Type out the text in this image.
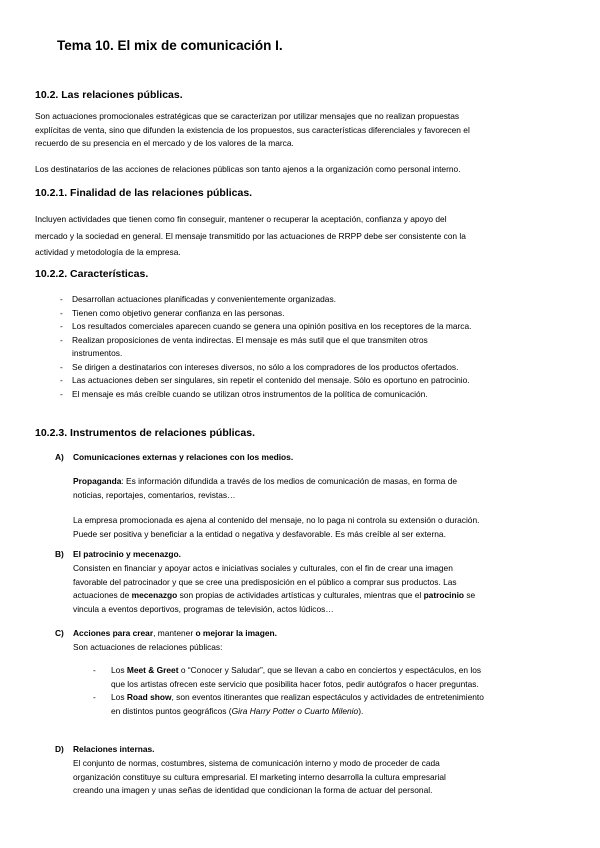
Tema 10. El mix de comunicación I.
10.2. Las relaciones públicas.
Son actuaciones promocionales estratégicas que se caracterizan por utilizar mensajes que no realizan propuestas
explícitas de venta, sino que difunden la existencia de los propuestos, sus características diferenciales y favorecen el
recuerdo de su presencia en el mercado y de los valores de la marca.
Los destinatarios de las acciones de relaciones públicas son tanto ajenos a la organización como personal interno.
10.2.1. Finalidad de las relaciones públicas.
Incluyen actividades que tienen como fin conseguir, mantener o recuperar la aceptación, confianza y apoyo del
mercado y la sociedad en general. El mensaje transmitido por las actuaciones de RRPP debe ser consistente con la
actividad y metodología de la empresa.
10.2.2. Características.
- Desarrollan actuaciones planificadas y convenientemente organizadas.
- Tienen como objetivo generar confianza en las personas.
- Los resultados comerciales aparecen cuando se genera una opinión positiva en los receptores de la marca.
- Realizan proposiciones de venta indirectas. El mensaje es más sutil que el que transmiten otros
instrumentos.
- Se dirigen a destinatarios con intereses diversos, no sólo a los compradores de los productos ofertados.
- Las actuaciones deben ser singulares, sin repetir el contenido del mensaje. Sólo es oportuno en patrocinio.
- El mensaje es más creíble cuando se utilizan otros instrumentos de la política de comunicación.
10.2.3. Instrumentos de relaciones públicas.
A) Comunicaciones externas y relaciones con los medios.
Propaganda: Es información difundida a través de los medios de comunicación de masas, en forma de
noticias, reportajes, comentarios, revistas…
La empresa promocionada es ajena al contenido del mensaje, no lo paga ni controla su extensión o duración.
Puede ser positiva y beneficiar a la entidad o negativa y desfavorable. Es más creíble al ser externa.
B) El patrocinio y mecenazgo.
Consisten en financiar y apoyar actos e iniciativas sociales y culturales, con el fin de crear una imagen
favorable del patrocinador y que se cree una predisposición en el público a comprar sus productos. Las
actuaciones de mecenazgo son propias de actividades artísticas y culturales, mientras que el patrocinio se
vincula a eventos deportivos, programas de televisión, actos lúdicos…
C) Acciones para crear, mantener o mejorar la imagen.
Son actuaciones de relaciones públicas:
- Los Meet & Greet o “Conocer y Saludar”, que se llevan a cabo en conciertos y espectáculos, en los
que los artistas ofrecen este servicio que posibilita hacer fotos, pedir autógrafos o hacer preguntas.
- Los Road show, son eventos itinerantes que realizan espectáculos y actividades de entretenimiento
en distintos puntos geográficos (Gira Harry Potter o Cuarto Milenio).
D) Relaciones internas.
El conjunto de normas, costumbres, sistema de comunicación interno y modo de proceder de cada
organización constituye su cultura empresarial. El marketing interno desarrolla la cultura empresarial
creando una imagen y unas señas de identidad que condicionan la forma de actuar del personal.
